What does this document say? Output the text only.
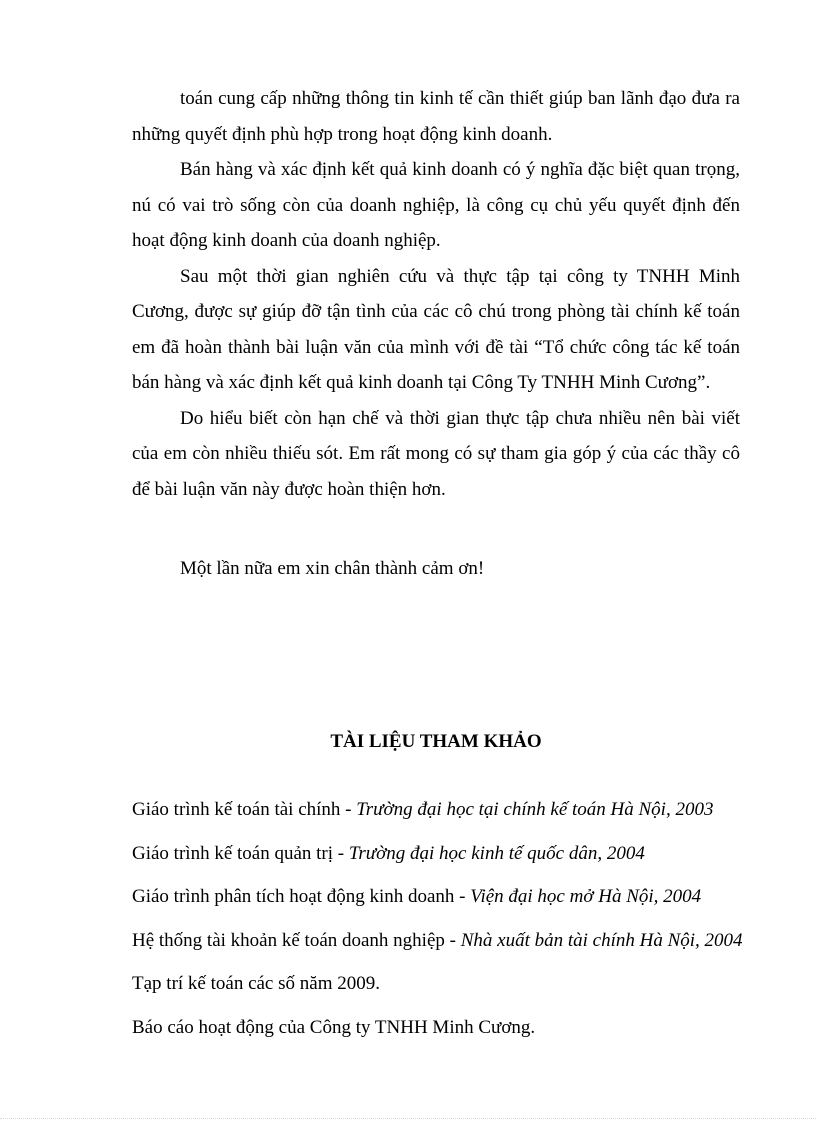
toán cung cấp những thông tin kinh tế cần thiết giúp ban lãnh đạo đưa ra những quyết định phù hợp trong hoạt động kinh doanh.

Bán hàng và xác định kết quả kinh doanh có ý nghĩa đặc biệt quan trọng, nú có vai trò sống còn của doanh nghiệp, là công cụ chủ yếu quyết định đến hoạt động kinh doanh của doanh nghiệp.

Sau một thời gian nghiên cứu và thực tập tại công ty TNHH Minh Cương, được sự giúp đỡ tận tình của các cô chú trong phòng tài chính kế toán em đã hoàn thành bài luận văn của mình với đề tài “Tổ chức công tác kế toán bán hàng và xác định kết quả kinh doanh tại Công Ty TNHH Minh Cương”.

Do hiểu biết còn hạn chế và thời gian thực tập chưa nhiều nên bài viết của em còn nhiều thiếu sót. Em rất mong có sự tham gia góp ý của các thầy cô để bài luận văn này được hoàn thiện hơn.

Một lần nữa em xin chân thành cảm ơn!

TÀI LIỆU THAM KHẢO
Giáo trình kế toán tài chính - Trường đại học tại chính kế toán Hà Nội, 2003
Giáo trình kế toán quản trị - Trường đại học kinh tế quốc dân, 2004
Giáo trình phân tích hoạt động kinh doanh - Viện đại học mở Hà Nội, 2004
Hệ thống tài khoản kế toán doanh nghiệp - Nhà xuất bản tài chính Hà Nội, 2004
Tạp trí kế toán các số năm 2009.
Báo cáo hoạt động của Công ty TNHH Minh Cương.
